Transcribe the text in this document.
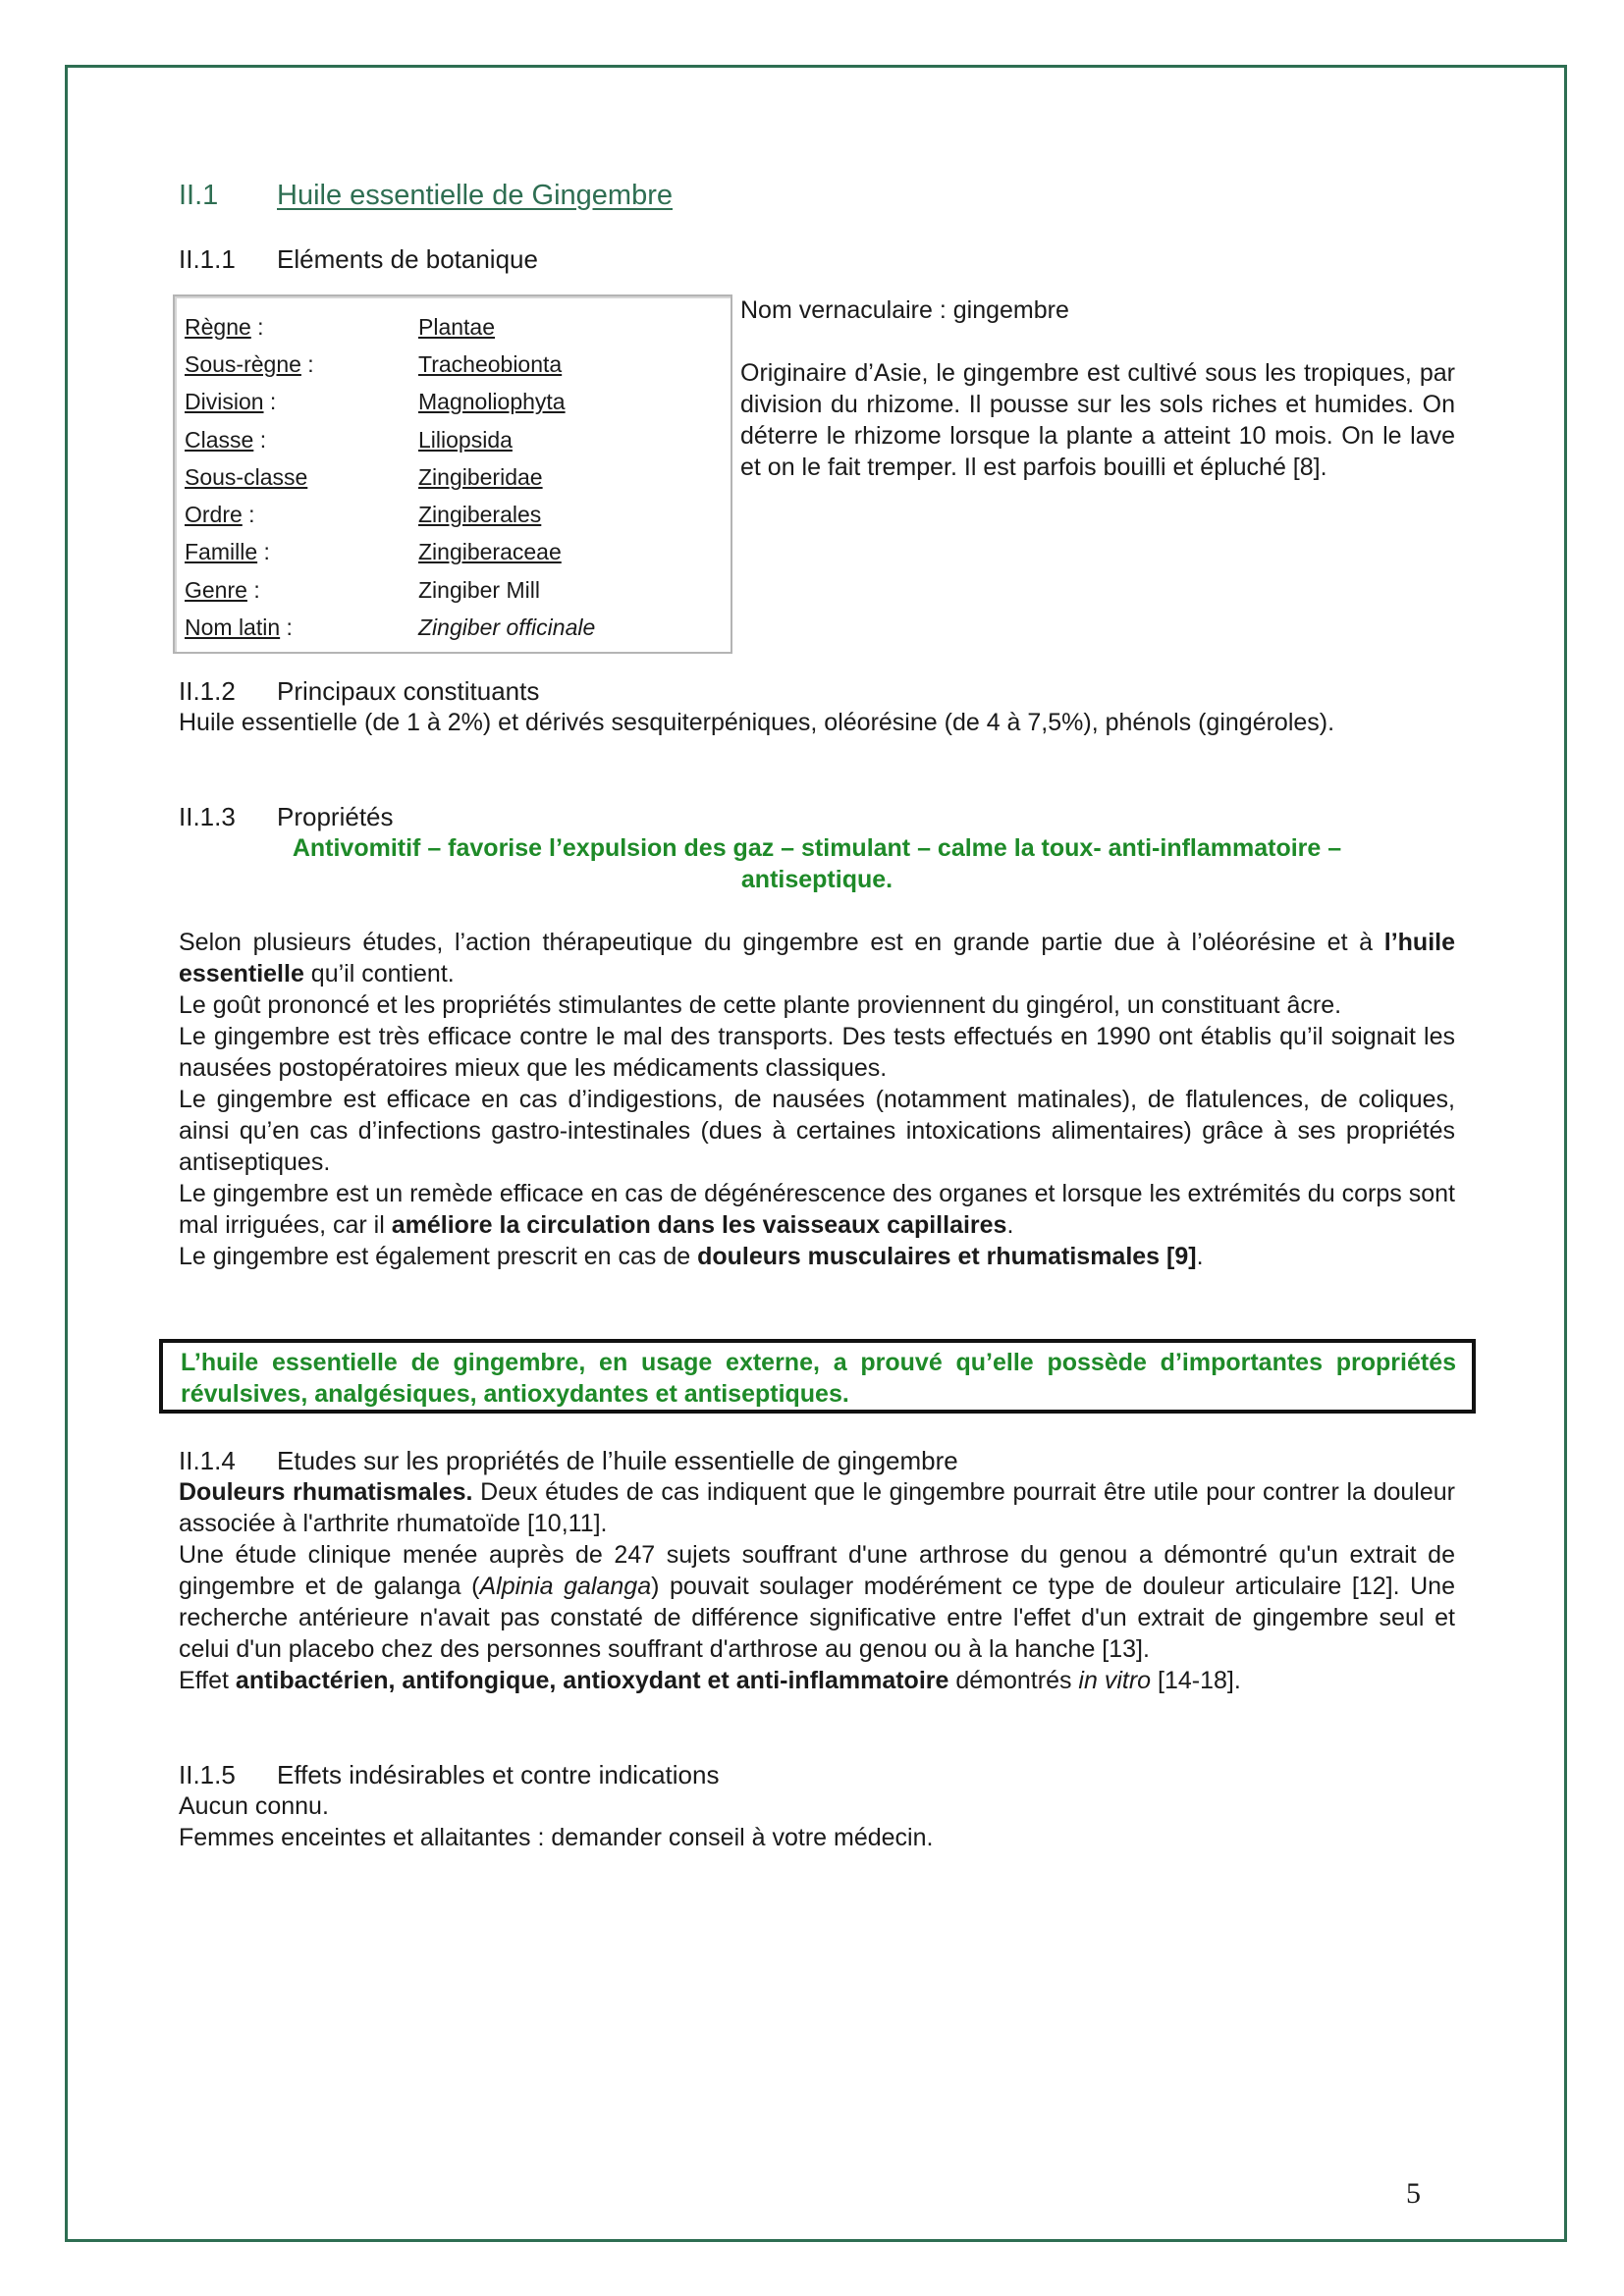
II.1 Huile essentielle de Gingembre

II.1.1 Eléments de botanique

Règne :	Plantae
Sous-règne :	Tracheobionta
Division :	Magnoliophyta
Classe :	Liliopsida
Sous-classe	Zingiberidae
Ordre :	Zingiberales
Famille :	Zingiberaceae
Genre :	Zingiber Mill
Nom latin :	Zingiber officinale

Nom vernaculaire : gingembre

Originaire d’Asie, le gingembre est cultivé sous les tropiques, par division du rhizome. Il pousse sur les sols riches et humides. On déterre le rhizome lorsque la plante a atteint 10 mois. On le lave et on le fait tremper. Il est parfois bouilli et épluché [8].

II.1.2 Principaux constituants

Huile essentielle (de 1 à 2%) et dérivés sesquiterpéniques, oléorésine (de 4 à 7,5%), phénols (gingéroles).

II.1.3 Propriétés

Antivomitif – favorise l’expulsion des gaz – stimulant – calme la toux- anti-inflammatoire – antiseptique.

Selon plusieurs études, l’action thérapeutique du gingembre est en grande partie due à l’oléorésine et à l’huile essentielle qu’il contient.

Le goût prononcé et les propriétés stimulantes de cette plante proviennent du gingérol, un constituant âcre.

Le gingembre est très efficace contre le mal des transports. Des tests effectués en 1990 ont établis qu’il soignait les nausées postopératoires mieux que les médicaments classiques.

Le gingembre est efficace en cas d’indigestions, de nausées (notamment matinales), de flatulences, de coliques, ainsi qu’en cas d’infections gastro-intestinales (dues à certaines intoxications alimentaires) grâce à ses propriétés antiseptiques.

Le gingembre est un remède efficace en cas de dégénérescence des organes et lorsque les extrémités du corps sont mal irriguées, car il améliore la circulation dans les vaisseaux capillaires.

Le gingembre est également prescrit en cas de douleurs musculaires et rhumatismales [9].

L’huile essentielle de gingembre, en usage externe, a prouvé qu’elle possède d’importantes propriétés révulsives, analgésiques, antioxydantes et antiseptiques.

II.1.4 Etudes sur les propriétés de l’huile essentielle de gingembre

Douleurs rhumatismales. Deux études de cas indiquent que le gingembre pourrait être utile pour contrer la douleur associée à l'arthrite rhumatoïde [10,11].

Une étude clinique menée auprès de 247 sujets souffrant d'une arthrose du genou a démontré qu'un extrait de gingembre et de galanga (Alpinia galanga) pouvait soulager modérément ce type de douleur articulaire [12]. Une recherche antérieure n'avait pas constaté de différence significative entre l'effet d'un extrait de gingembre seul et celui d'un placebo chez des personnes souffrant d'arthrose au genou ou à la hanche [13].

Effet antibactérien, antifongique, antioxydant et anti-inflammatoire démontrés in vitro [14-18].

II.1.5 Effets indésirables et contre indications

Aucun connu.

Femmes enceintes et allaitantes : demander conseil à votre médecin.

5
